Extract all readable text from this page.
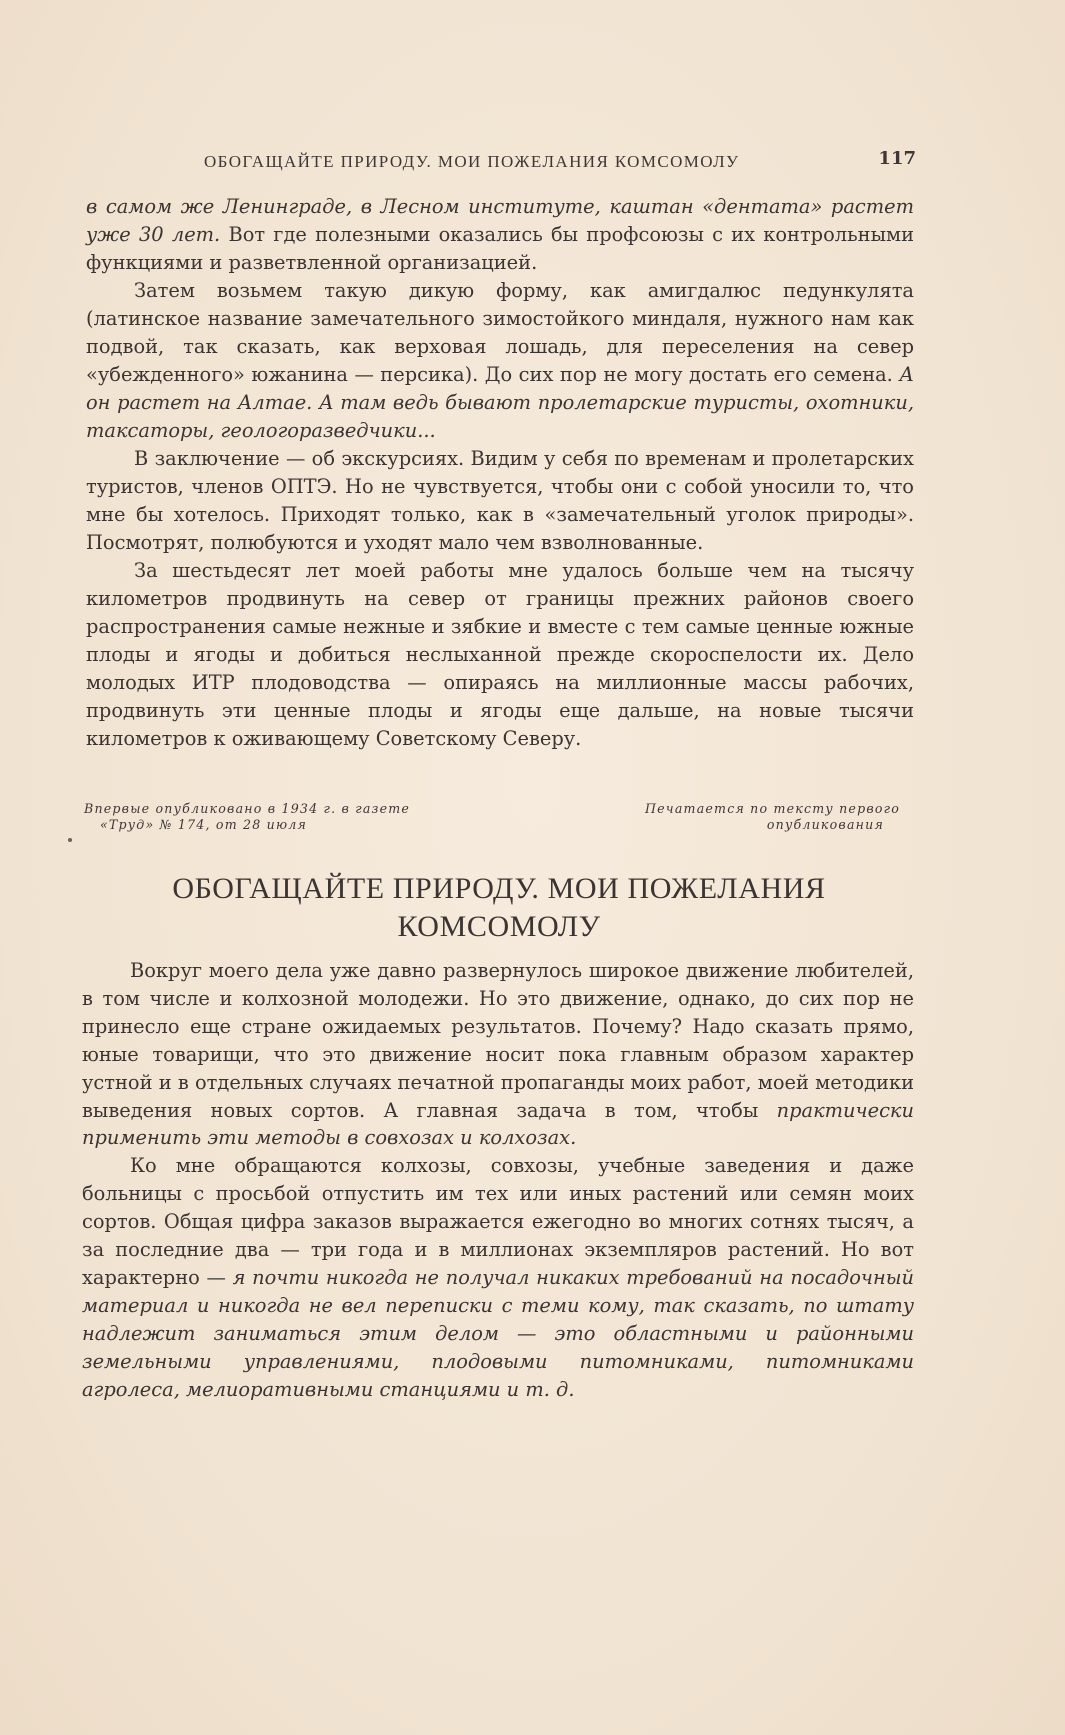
ОБОГАЩАЙТЕ ПРИРОДУ. МОИ ПОЖЕЛАНИЯ КОМСОМОЛУ	117

в самом же Ленинграде, в Лесном институте, каштан «дентата» растет уже 30 лет. Вот где полезными оказались бы профсоюзы с их контрольными функциями и разветвленной организацией.

Затем возьмем такую дикую форму, как амигдалюс педункулята (латинское название замечательного зимостойкого миндаля, нужного нам как подвой, так сказать, как верховая лошадь, для переселения на север «убежденного» южанина — персика). До сих пор не могу достать его семена. А он растет на Алтае. А там ведь бывают пролетарские туристы, охотники, таксаторы, геологоразведчики...

В заключение — об экскурсиях. Видим у себя по временам и пролетарских туристов, членов ОПТЭ. Но не чувствуется, чтобы они с собой уносили то, что мне бы хотелось. Приходят только, как в «замечательный уголок природы». Посмотрят, полюбуются и уходят мало чем взволнованные.

За шестьдесят лет моей работы мне удалось больше чем на тысячу километров продвинуть на север от границы прежних районов своего распространения самые нежные и зябкие и вместе с тем самые ценные южные плоды и ягоды и добиться неслыханной прежде скороспелости их. Дело молодых ИТР плодоводства — опираясь на миллионные массы рабочих, продвинуть эти ценные плоды и ягоды еще дальше, на новые тысячи километров к оживающему Советскому Северу.

Впервые опубликовано в 1934 г. в газете
«Труд» № 174, от 28 июля
Печатается по тексту первого
опубликования
ОБОГАЩАЙТЕ ПРИРОДУ. МОИ ПОЖЕЛАНИЯ
КОМСОМОЛУ

Вокруг моего дела уже давно развернулось широкое движение любителей, в том числе и колхозной молодежи. Но это движение, однако, до сих пор не принесло еще стране ожидаемых результатов. Почему? Надо сказать прямо, юные товарищи, что это движение носит пока главным образом характер устной и в отдельных случаях печатной пропаганды моих работ, моей методики выведения новых сортов. А главная задача в том, чтобы практически применить эти методы в совхозах и колхозах.

Ко мне обращаются колхозы, совхозы, учебные заведения и даже больницы с просьбой отпустить им тех или иных растений или семян моих сортов. Общая цифра заказов выражается ежегодно во многих сотнях тысяч, а за последние два — три года и в миллионах экземпляров растений. Но вот характерно — я почти никогда не получал никаких требований на посадочный материал и никогда не вел переписки с теми кому, так сказать, по штату надлежит заниматься этим делом — это областными и районными земельными управлениями, плодовыми питомниками, питомниками агролеса, мелиоративными станциями и т. д.
